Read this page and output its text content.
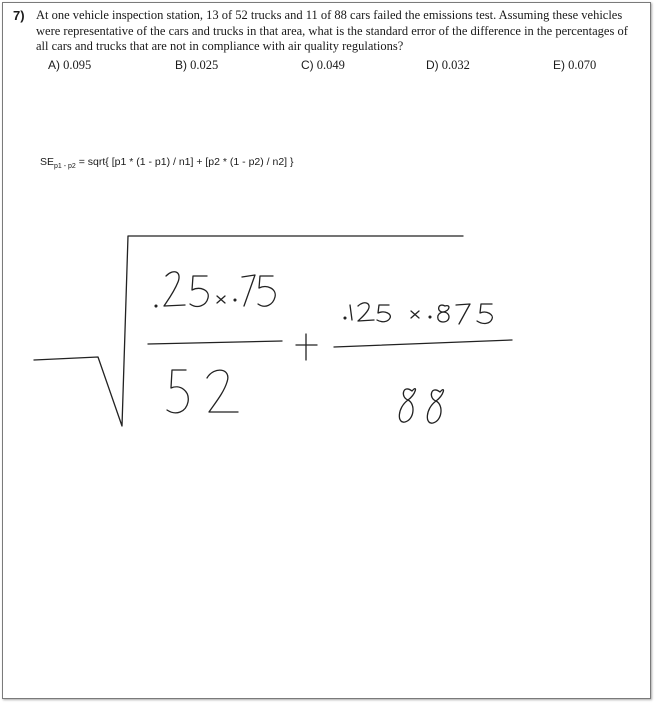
7) At one vehicle inspection station, 13 of 52 trucks and 11 of 88 cars failed the emissions test. Assuming these vehicles were representative of the cars and trucks in that area, what is the standard error of the difference in the percentages of all cars and trucks that are not in compliance with air quality regulations?

A) 0.095	B) 0.025	C) 0.049	D) 0.032	E) 0.070
$SE_{p1 - p2}$ = sqrt{ [p1 * (1 - p1) / n1] + [p2 * (1 - p2) / n2] }
